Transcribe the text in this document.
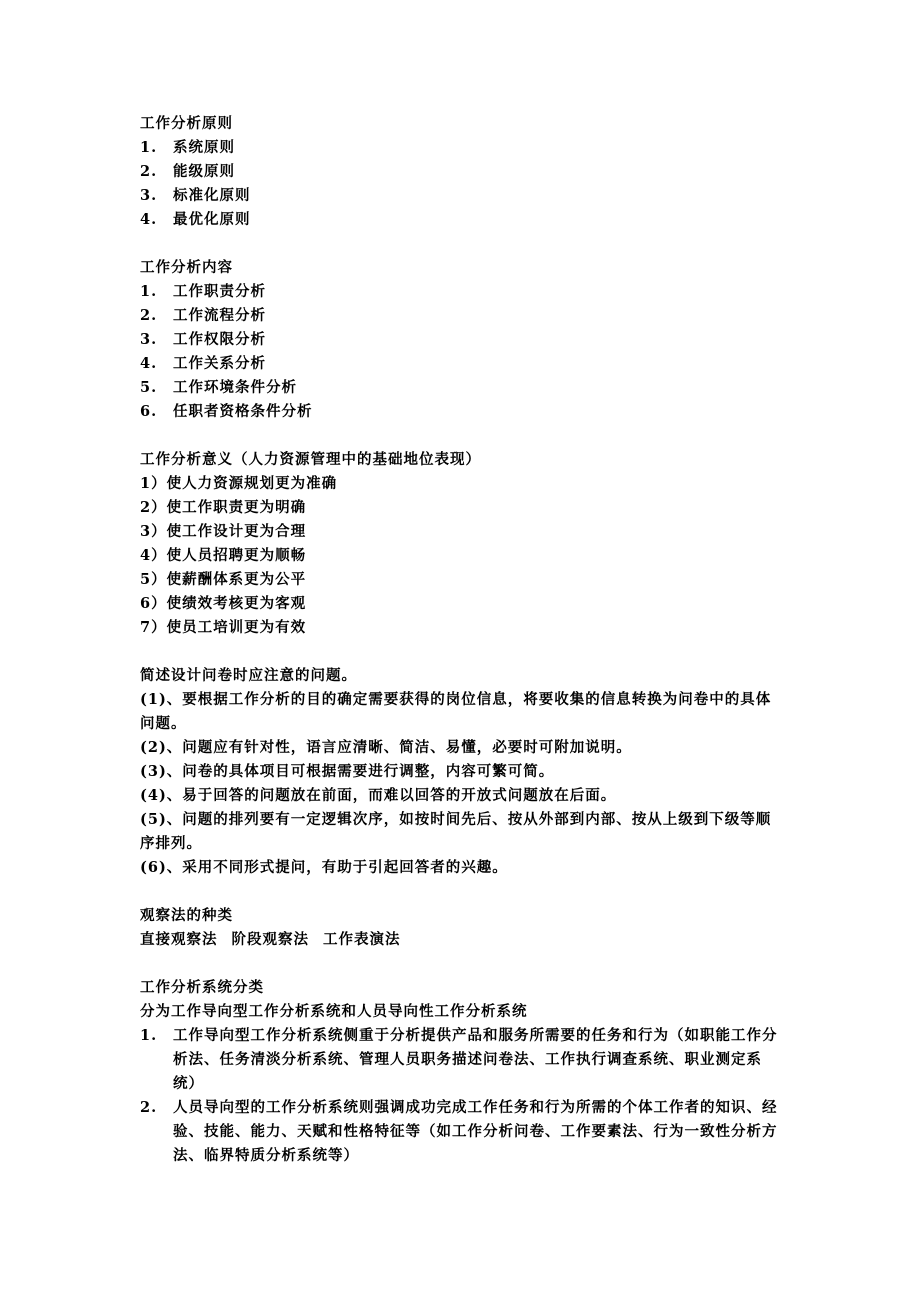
工作分析原则
1.	系统原则
2.	能级原则
3.	标准化原则
4.	最优化原则
工作分析内容
1.	工作职责分析
2.	工作流程分析
3.	工作权限分析
4.	工作关系分析
5.	工作环境条件分析
6.	任职者资格条件分析
工作分析意义（人力资源管理中的基础地位表现）
1）使人力资源规划更为准确
2）使工作职责更为明确
3）使工作设计更为合理
4）使人员招聘更为顺畅
5）使薪酬体系更为公平
6）使绩效考核更为客观
7）使员工培训更为有效
简述设计问卷时应注意的问题。
(1)、要根据工作分析的目的确定需要获得的岗位信息，将要收集的信息转换为问卷中的具体问题。
(2)、问题应有针对性，语言应清晰、简洁、易懂，必要时可附加说明。
(3)、问卷的具体项目可根据需要进行调整，内容可繁可简。
(4)、易于回答的问题放在前面，而难以回答的开放式问题放在后面。
(5)、问题的排列要有一定逻辑次序，如按时间先后、按从外部到内部、按从上级到下级等顺序排列。
(6)、采用不同形式提问，有助于引起回答者的兴趣。
观察法的种类
直接观察法 阶段观察法 工作表演法
工作分析系统分类
分为工作导向型工作分析系统和人员导向性工作分析系统
1.	工作导向型工作分析系统侧重于分析提供产品和服务所需要的任务和行为（如职能工作分析法、任务清淡分析系统、管理人员职务描述问卷法、工作执行调查系统、职业测定系统）
2.	人员导向型的工作分析系统则强调成功完成工作任务和行为所需的个体工作者的知识、经验、技能、能力、天赋和性格特征等（如工作分析问卷、工作要素法、行为一致性分析方法、临界特质分析系统等）
